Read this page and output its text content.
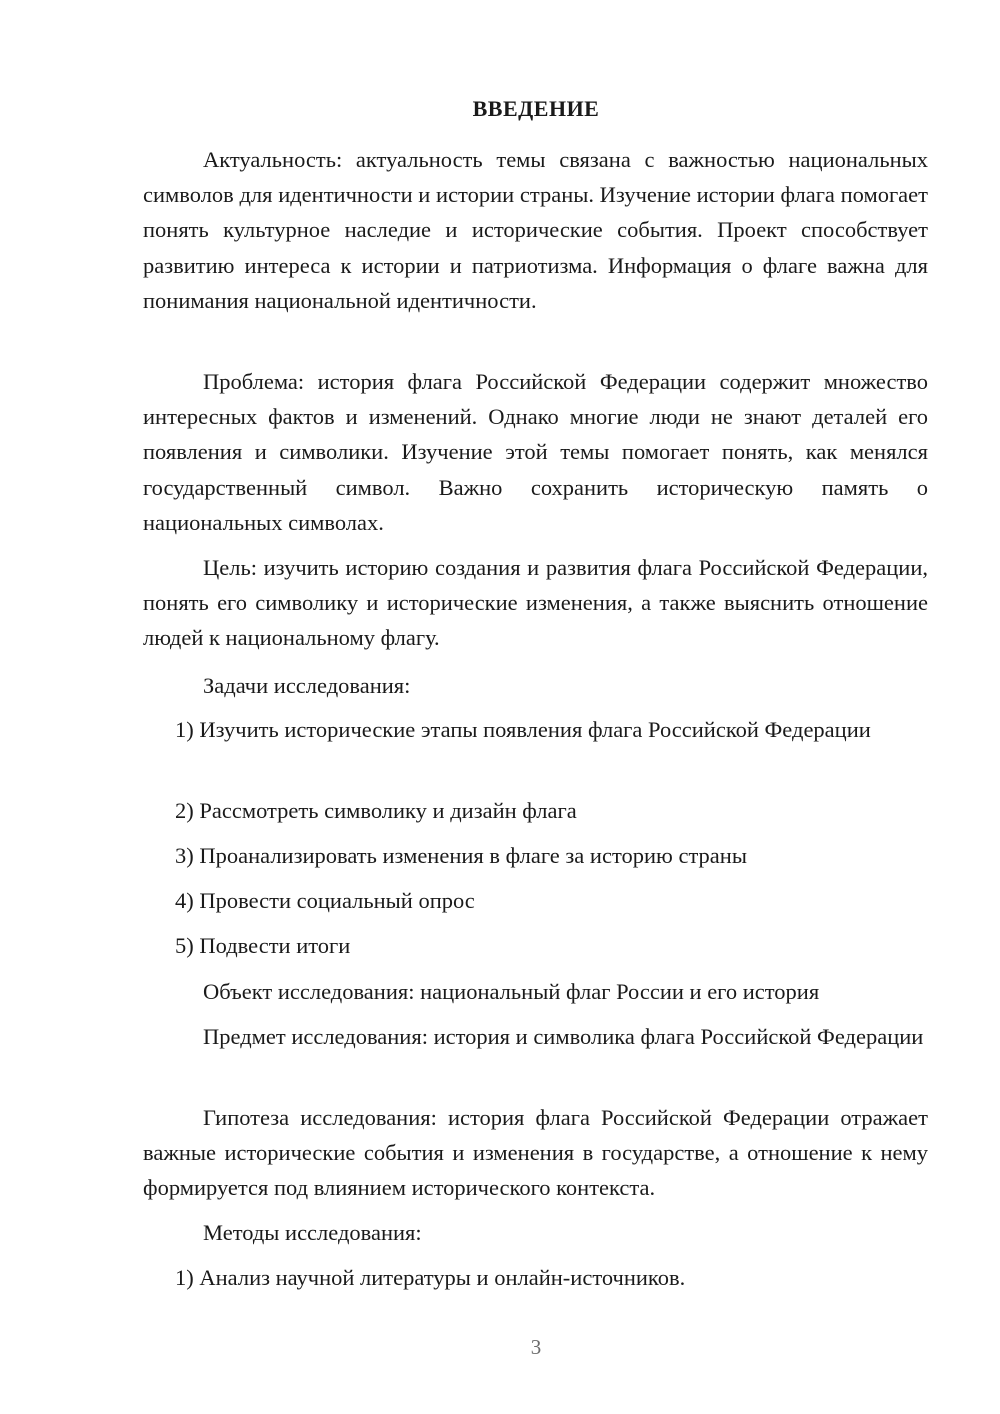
ВВЕДЕНИЕ

Актуальность: актуальность темы связана с важностью национальных символов для идентичности и истории страны. Изучение истории флага помогает понять культурное наследие и исторические события. Проект способствует развитию интереса к истории и патриотизма. Информация о флаге важна для понимания национальной идентичности.

Проблема: история флага Российской Федерации содержит множество интересных фактов и изменений. Однако многие люди не знают деталей его появления и символики. Изучение этой темы помогает понять, как менялся государственный символ. Важно сохранить историческую память о национальных символах.

Цель: изучить историю создания и развития флага Российской Федерации, понять его символику и исторические изменения, а также выяснить отношение людей к национальному флагу.

Задачи исследования:

1) Изучить исторические этапы появления флага Российской Федерации

2) Рассмотреть символику и дизайн флага

3) Проанализировать изменения в флаге за историю страны

4) Провести социальный опрос

5) Подвести итоги

Объект исследования: национальный флаг России и его история

Предмет исследования: история и символика флага Российской Федерации

Гипотеза исследования: история флага Российской Федерации отражает важные исторические события и изменения в государстве, а отношение к нему формируется под влиянием исторического контекста.

Методы исследования:

1) Анализ научной литературы и онлайн-источников.

3
